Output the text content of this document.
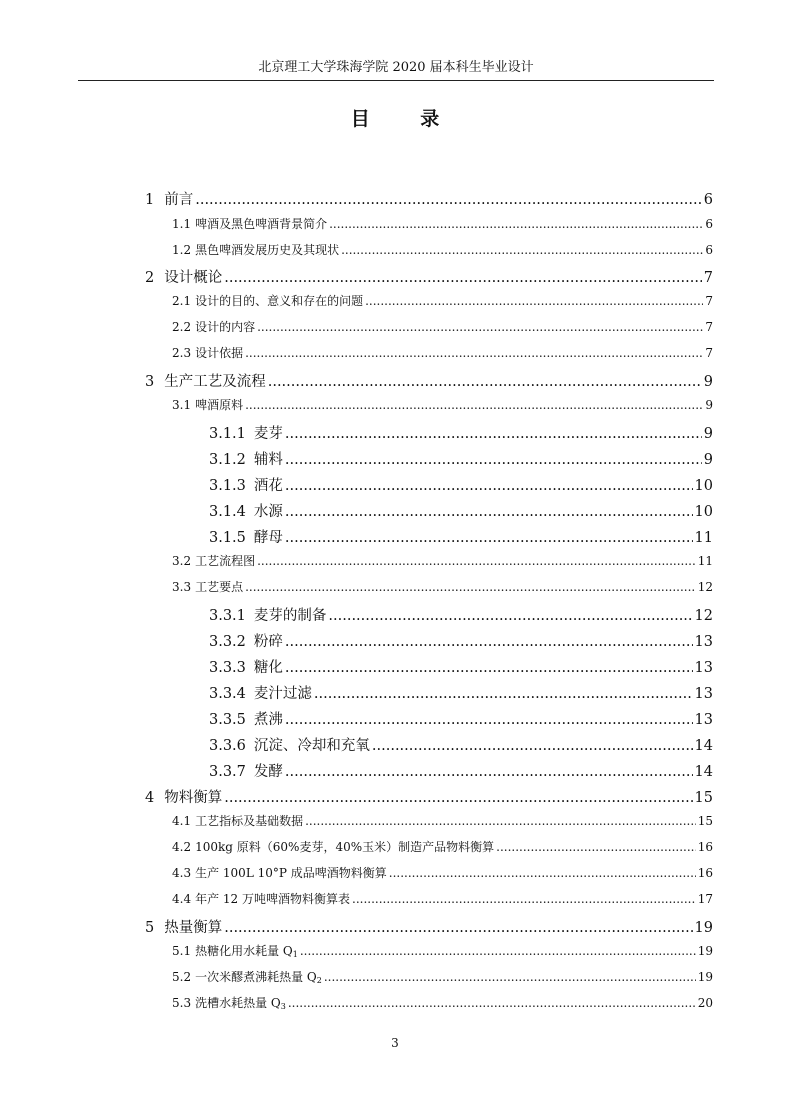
北京理工大学珠海学院 2020 届本科生毕业设计
目 录
1 前言 .....	6
1.1 啤酒及黑色啤酒背景简介 .....	6
1.2 黑色啤酒发展历史及其现状 .....	6
2 设计概论 .....	7
2.1 设计的目的、意义和存在的问题 .....	7
2.2 设计的内容 .....	7
2.3 设计依据 .....	7
3 生产工艺及流程 .....	9
3.1 啤酒原料 .....	9
3.1.1 麦芽 .....	9
3.1.2 辅料 .....	9
3.1.3 酒花 .....	10
3.1.4 水源 .....	10
3.1.5 酵母 .....	11
3.2 工艺流程图 .....	11
3.3 工艺要点 .....	12
3.3.1 麦芽的制备 .....	12
3.3.2 粉碎 .....	13
3.3.3 糖化 .....	13
3.3.4 麦汁过滤 .....	13
3.3.5 煮沸 .....	13
3.3.6 沉淀、冷却和充氧 .....	14
3.3.7 发酵 .....	14
4 物料衡算 .....	15
4.1 工艺指标及基础数据 .....	15
4.2 100kg 原料（60%麦芽，40%玉米）制造产品物料衡算 .....	16
4.3 生产 100L 10°P 成品啤酒物料衡算 .....	16
4.4 年产 12 万吨啤酒物料衡算表 .....	17
5 热量衡算 .....	19
5.1 热糖化用水耗量 $Q_1$ .....	19
5.2 一次米醪煮沸耗热量 $Q_2$ .....	19
5.3 洗槽水耗热量 $Q_3$ .....	20
3
